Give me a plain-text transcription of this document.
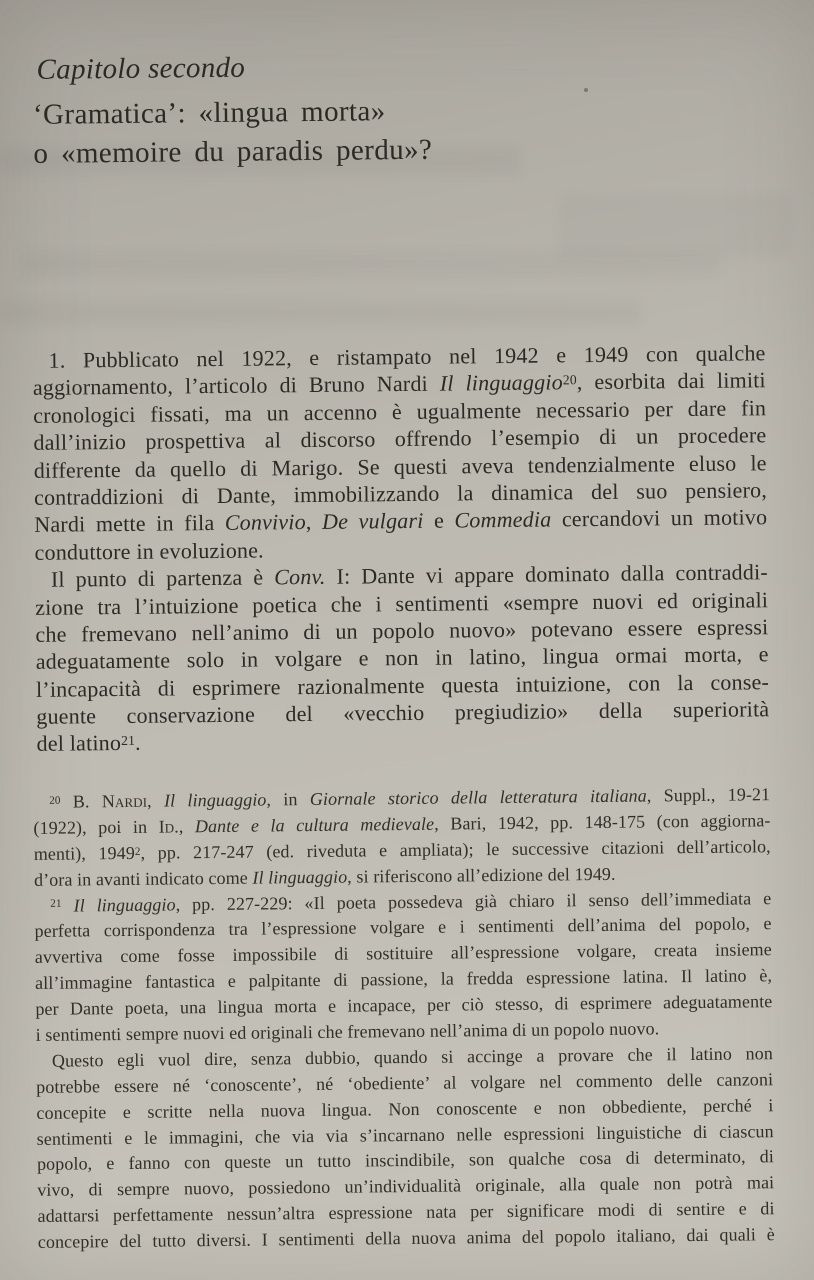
Capitolo secondo
‘Gramatica’: «lingua morta»
o «memoire du paradis perdu»?
1. Pubblicato nel 1922, e ristampato nel 1942 e 1949 con qualche
aggiornamento, l’articolo di Bruno Nardi Il linguaggio$^{20}$, esorbita dai limiti
cronologici fissati, ma un accenno è ugualmente necessario per dare fin
dall’inizio prospettiva al discorso offrendo l’esempio di un procedere
differente da quello di Marigo. Se questi aveva tendenzialmente eluso le
contraddizioni di Dante, immobilizzando la dinamica del suo pensiero,
Nardi mette in fila Convivio, De vulgari e Commedia cercandovi un motivo
conduttore in evoluzione.
Il punto di partenza è Conv. I: Dante vi appare dominato dalla contraddi-
zione tra l’intuizione poetica che i sentimenti «sempre nuovi ed originali
che fremevano nell’animo di un popolo nuovo» potevano essere espressi
adeguatamente solo in volgare e non in latino, lingua ormai morta, e
l’incapacità di esprimere razionalmente questa intuizione, con la conse-
guente conservazione del «vecchio pregiudizio» della superiorità
del latino$^{21}$.
$^{20}$ B. Nardi, Il linguaggio, in Giornale storico della letteratura italiana, Suppl., 19-21
(1922), poi in Id., Dante e la cultura medievale, Bari, 1942, pp. 148-175 (con aggiorna-
menti), 1949$^2$, pp. 217-247 (ed. riveduta e ampliata); le successive citazioni dell’articolo,
d’ora in avanti indicato come Il linguaggio, si riferiscono all’edizione del 1949.
$^{21}$ Il linguaggio, pp. 227-229: «Il poeta possedeva già chiaro il senso dell’immediata e
perfetta corrispondenza tra l’espressione volgare e i sentimenti dell’anima del popolo, e
avvertiva come fosse impossibile di sostituire all’espressione volgare, creata insieme
all’immagine fantastica e palpitante di passione, la fredda espressione latina. Il latino è,
per Dante poeta, una lingua morta e incapace, per ciò stesso, di esprimere adeguatamente
i sentimenti sempre nuovi ed originali che fremevano nell’anima di un popolo nuovo.
Questo egli vuol dire, senza dubbio, quando si accinge a provare che il latino non
potrebbe essere né ‘conoscente’, né ‘obediente’ al volgare nel commento delle canzoni
concepite e scritte nella nuova lingua. Non conoscente e non obbediente, perché i
sentimenti e le immagini, che via via s’incarnano nelle espressioni linguistiche di ciascun
popolo, e fanno con queste un tutto inscindibile, son qualche cosa di determinato, di
vivo, di sempre nuovo, possiedono un’individualità originale, alla quale non potrà mai
adattarsi perfettamente nessun’altra espressione nata per significare modi di sentire e di
concepire del tutto diversi. I sentimenti della nuova anima del popolo italiano, dai quali è
